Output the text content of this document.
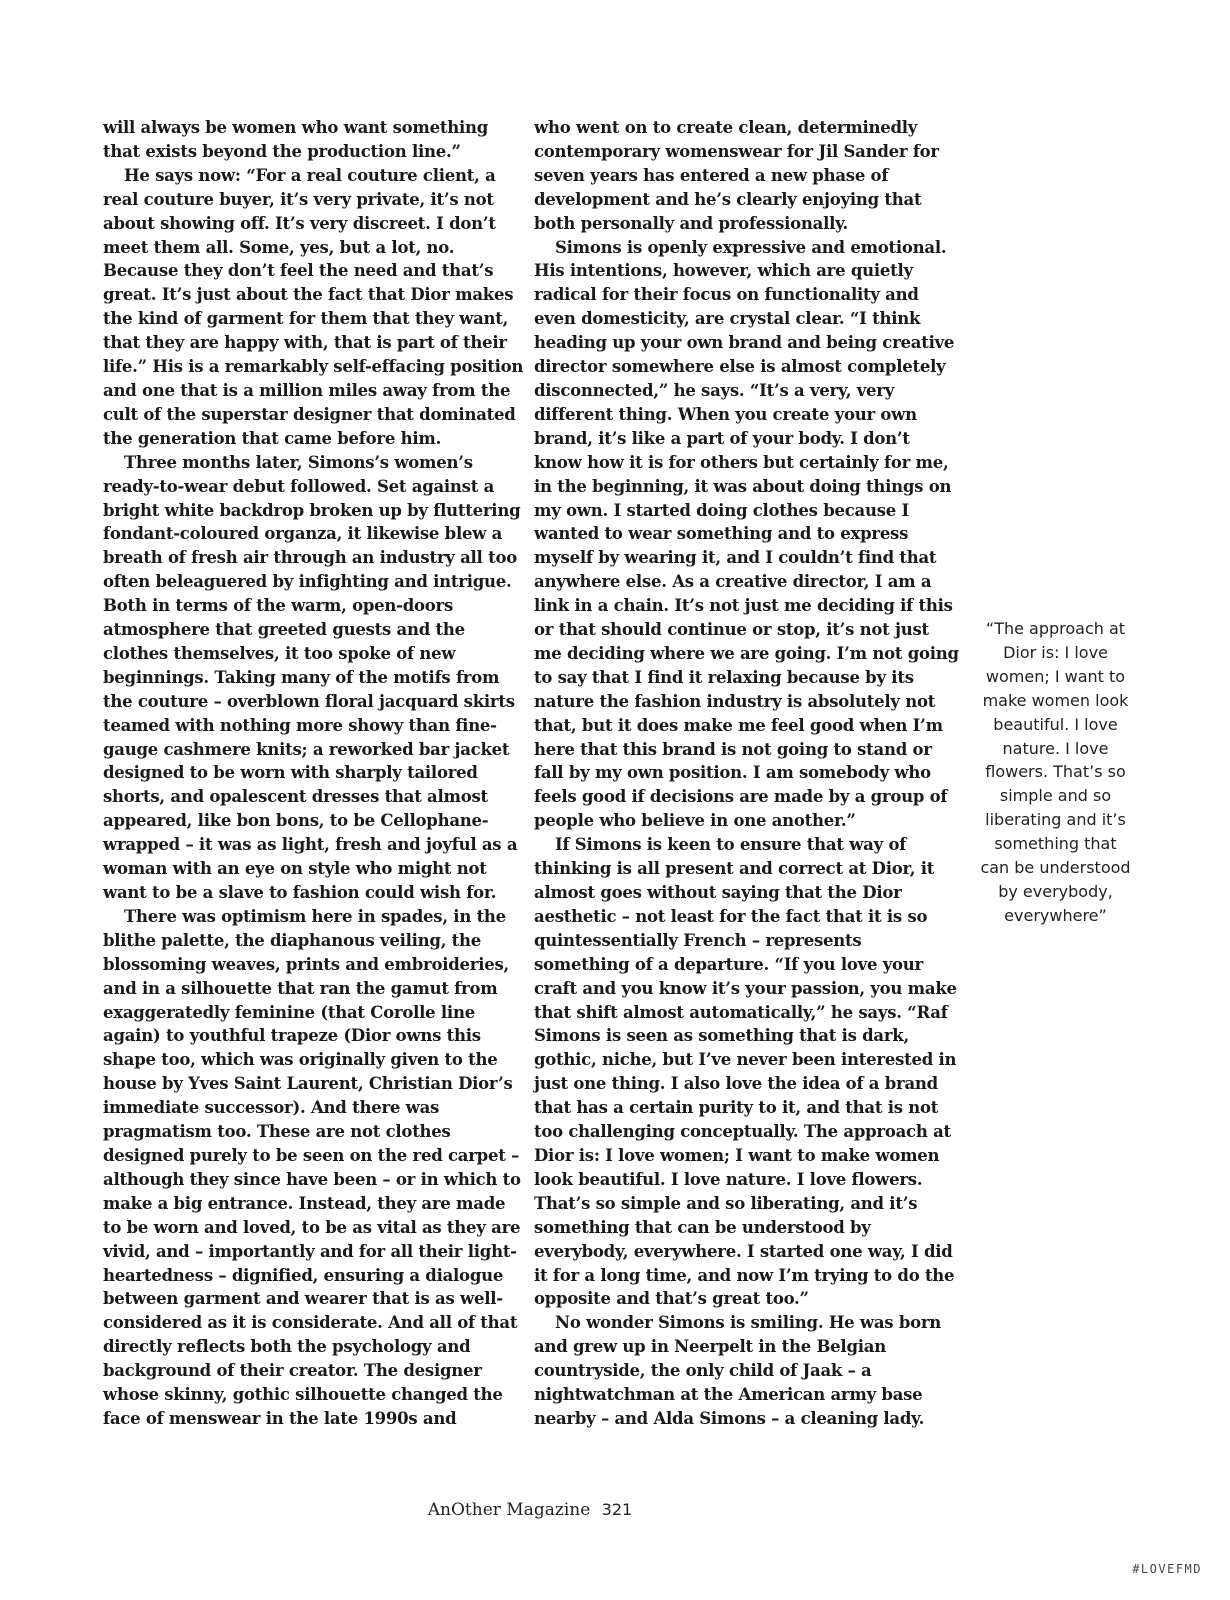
will always be women who want something that exists beyond the production line.”

He says now: “For a real couture client, a real couture buyer, it’s very private, it’s not about showing off. It’s very discreet. I don’t meet them all. Some, yes, but a lot, no. Because they don’t feel the need and that’s great. It’s just about the fact that Dior makes the kind of garment for them that they want, that they are happy with, that is part of their life.” His is a remarkably self-effacing position and one that is a million miles away from the cult of the superstar designer that dominated the generation that came before him.

Three months later, Simons’s women’s ready-to-wear debut followed. Set against a bright white backdrop broken up by fluttering fondant-coloured organza, it likewise blew a breath of fresh air through an industry all too often beleaguered by infighting and intrigue. Both in terms of the warm, open-doors atmosphere that greeted guests and the clothes themselves, it too spoke of new beginnings. Taking many of the motifs from the couture – overblown floral jacquard skirts teamed with nothing more showy than fine-gauge cashmere knits; a reworked bar jacket designed to be worn with sharply tailored shorts, and opalescent dresses that almost appeared, like bon bons, to be Cellophane-wrapped – it was as light, fresh and joyful as a woman with an eye on style who might not want to be a slave to fashion could wish for.

There was optimism here in spades, in the blithe palette, the diaphanous veiling, the blossoming weaves, prints and embroideries, and in a silhouette that ran the gamut from exaggeratedly feminine (that Corolle line again) to youthful trapeze (Dior owns this shape too, which was originally given to the house by Yves Saint Laurent, Christian Dior’s immediate successor). And there was pragmatism too. These are not clothes designed purely to be seen on the red carpet – although they since have been – or in which to make a big entrance. Instead, they are made to be worn and loved, to be as vital as they are vivid, and – importantly and for all their light-heartedness – dignified, ensuring a dialogue between garment and wearer that is as well-considered as it is considerate. And all of that directly reflects both the psychology and background of their creator. The designer whose skinny, gothic silhouette changed the face of menswear in the late 1990s and

who went on to create clean, determinedly contemporary womenswear for Jil Sander for seven years has entered a new phase of development and he’s clearly enjoying that both personally and professionally.

Simons is openly expressive and emotional. His intentions, however, which are quietly radical for their focus on functionality and even domesticity, are crystal clear. “I think heading up your own brand and being creative director somewhere else is almost completely disconnected,” he says. “It’s a very, very different thing. When you create your own brand, it’s like a part of your body. I don’t know how it is for others but certainly for me, in the beginning, it was about doing things on my own. I started doing clothes because I wanted to wear something and to express myself by wearing it, and I couldn’t find that anywhere else. As a creative director, I am a link in a chain. It’s not just me deciding if this or that should continue or stop, it’s not just me deciding where we are going. I’m not going to say that I find it relaxing because by its nature the fashion industry is absolutely not that, but it does make me feel good when I’m here that this brand is not going to stand or fall by my own position. I am somebody who feels good if decisions are made by a group of people who believe in one another.”

If Simons is keen to ensure that way of thinking is all present and correct at Dior, it almost goes without saying that the Dior aesthetic – not least for the fact that it is so quintessentially French – represents something of a departure. “If you love your craft and you know it’s your passion, you make that shift almost automatically,” he says. “Raf Simons is seen as something that is dark, gothic, niche, but I’ve never been interested in just one thing. I also love the idea of a brand that has a certain purity to it, and that is not too challenging conceptually. The approach at Dior is: I love women; I want to make women look beautiful. I love nature. I love flowers. That’s so simple and so liberating, and it’s something that can be understood by everybody, everywhere. I started one way, I did it for a long time, and now I’m trying to do the opposite and that’s great too.”

No wonder Simons is smiling. He was born and grew up in Neerpelt in the Belgian countryside, the only child of Jaak – a nightwatchman at the American army base nearby – and Alda Simons – a cleaning lady.

“The approach at Dior is: I love women; I want to make women look beautiful. I love nature. I love flowers. That’s so simple and so liberating and it’s something that can be understood by everybody, everywhere”
AnOther Magazine 321
#LOVEFMD
